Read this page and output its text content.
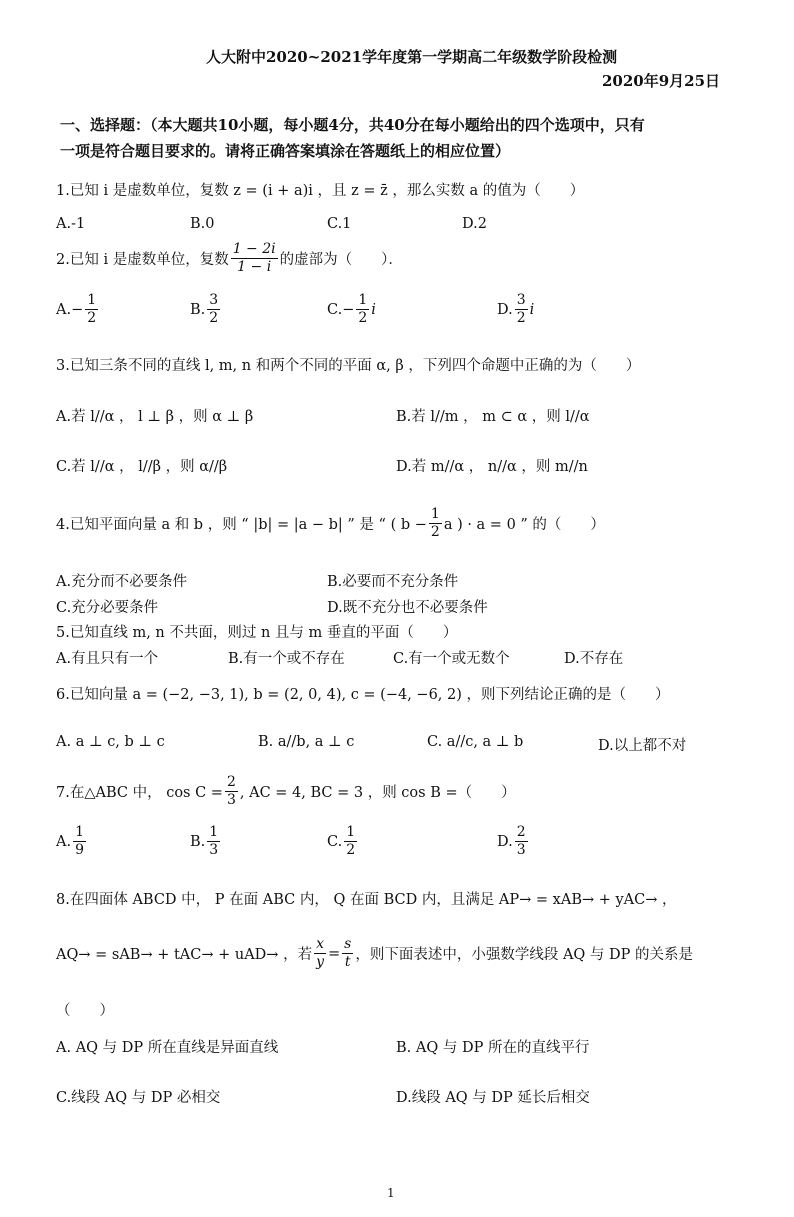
人大附中2020~2021学年度第一学期高二年级数学阶段检测
2020年9月25日
一、选择题：（本大题共10小题，每小题4分，共40分在每小题给出的四个选项中，只有
一项是符合题目要求的。请将正确答案填涂在答题纸上的相应位置）
1.已知 i 是虚数单位，复数 z = (i + a)i ，且 z = z̄ ，那么实数 a 的值为（　　）
A.-1	B.0	C.1	D.2
2.已知 i 是虚数单位，复数 $\frac{1 - 2i}{1 - i}$ 的虚部为（　　）．
A. − $\frac{1}{2}$	B. $\frac{3}{2}$	C. − $\frac{1}{2}$ i	D. $\frac{3}{2}$ i
3.已知三条不同的直线 l, m, n 和两个不同的平面 α, β ，下列四个命题中正确的为（　　）
A.若 l//α ， l ⊥ β ，则 α ⊥ β	B.若 l//m ， m ⊂ α ，则 l//α
C.若 l//α ， l//β ，则 α//β	D.若 m//α ， n//α ，则 m//n
4.已知平面向量 a 和 b ，则 “ |b| = |a − b| ” 是 “ ( $b - \frac{1}{2}$ a ) · a = 0 ” 的（　　）
A.充分而不必要条件	B.必要而不充分条件
C.充分必要条件	D.既不充分也不必要条件
5.已知直线 m, n 不共面，则过 n 且与 m 垂直的平面（　　）
A.有且只有一个	B.有一个或不存在	C.有一个或无数个	D.不存在
6.已知向量 a = (−2, −3, 1), b = (2, 0, 4), c = (−4, −6, 2) ，则下列结论正确的是（　　）
A. a ⊥ c, b ⊥ c	B. a//b, a ⊥ c	C. a//c, a ⊥ b	D.以上都不对
7.在△ABC 中， $\cos C = \frac{2}{3}$ , AC = 4, BC = 3 ，则 cos B =（　　）
A. $\frac{1}{9}$	B. $\frac{1}{3}$	C. $\frac{1}{2}$	D. $\frac{2}{3}$
8.在四面体 ABCD 中， P 在面 ABC 内， Q 在面 BCD 内，且满足 AP→ = xAB→ + yAC→ ，
AQ→ = sAB→ + tAC→ + uAD→ ，若 $\frac{x}{y} = \frac{s}{t}$ ，则下面表述中，小强数学线段 AQ 与 DP 的关系是
（　　）
A. AQ 与 DP 所在直线是异面直线	B. AQ 与 DP 所在的直线平行
C.线段 AQ 与 DP 必相交	D.线段 AQ 与 DP 延长后相交
1
